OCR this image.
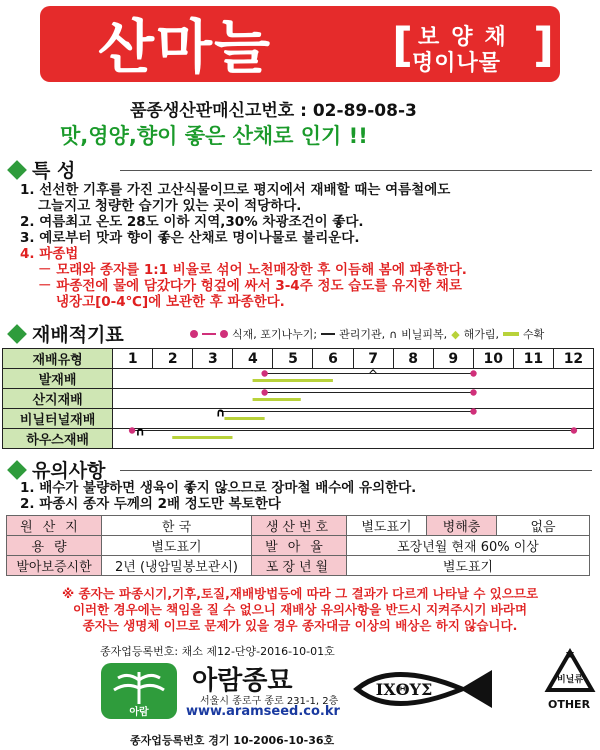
산마늘	[ 보양채
명이나물 ]
품종생산판매신고번호 : 02-89-08-3
맛,영양,향이 좋은 산채로 인기 !!
특 성
1. 선선한 기후를 가진 고산식물이므로 평지에서 재배할 때는 여름철에도
그늘지고 청량한 습기가 있는 곳이 적당하다.
2. 여름최고 온도 28도 이하 지역,30% 차광조건이 좋다.
3. 예로부터 맛과 향이 좋은 산채로 명이나물로 불리운다.
4. 파종법
－ 모래와 종자를 1:1 비율로 섞어 노천매장한 후 이듬해 봄에 파종한다.
－ 파종전에 물에 담갔다가 헝겊에 싸서 3-4주 정도 습도를 유지한 채로
냉장고[0-4℃]에 보관한 후 파종한다.
재배적기표	식재, 포기나누기; 관리기관, ∩ 비닐피복, ◆ 해가림, 수확
재배유형	1	2	3	4	5	6	7	8	9	10	11	12
발재배												
산지재배												
비닐터널재배												
하우스재배												
^
∩
∩
유의사항
1. 배수가 불량하면 생육이 좋지 않으므로 장마철 배수에 유의한다.
2. 파종시 종자 두께의 2배 정도만 복토한다
원산지	한 국	생산번호	별도표기	병해충	없음
용량	별도표기	발아율	포장년월 현재 60% 이상		
발아보증시한	2년 (냉암밀봉보관시)	포장년월	별도표기		
※ 종자는 파종시기,기후,토질,재배방법등에 따라 그 결과가 다르게 나타날 수 있으므로
이러한 경우에는 책임을 질 수 없으니 재배상 유의사항을 반드시 지켜주시기 바라며
종자는 생명체 이므로 문제가 있을 경우 종자대금 이상의 배상은 하지 않습니다.
종자업등록번호: 채소 제12-단양-2016-10-01호
아람
아람종묘
서울시 종로구 종로 231-1, 2층
www.aramseed.co.kr
ΙΧΘΥΣ	비닐류
OTHER
종자업등록번호 경기 10-2006-10-36호
